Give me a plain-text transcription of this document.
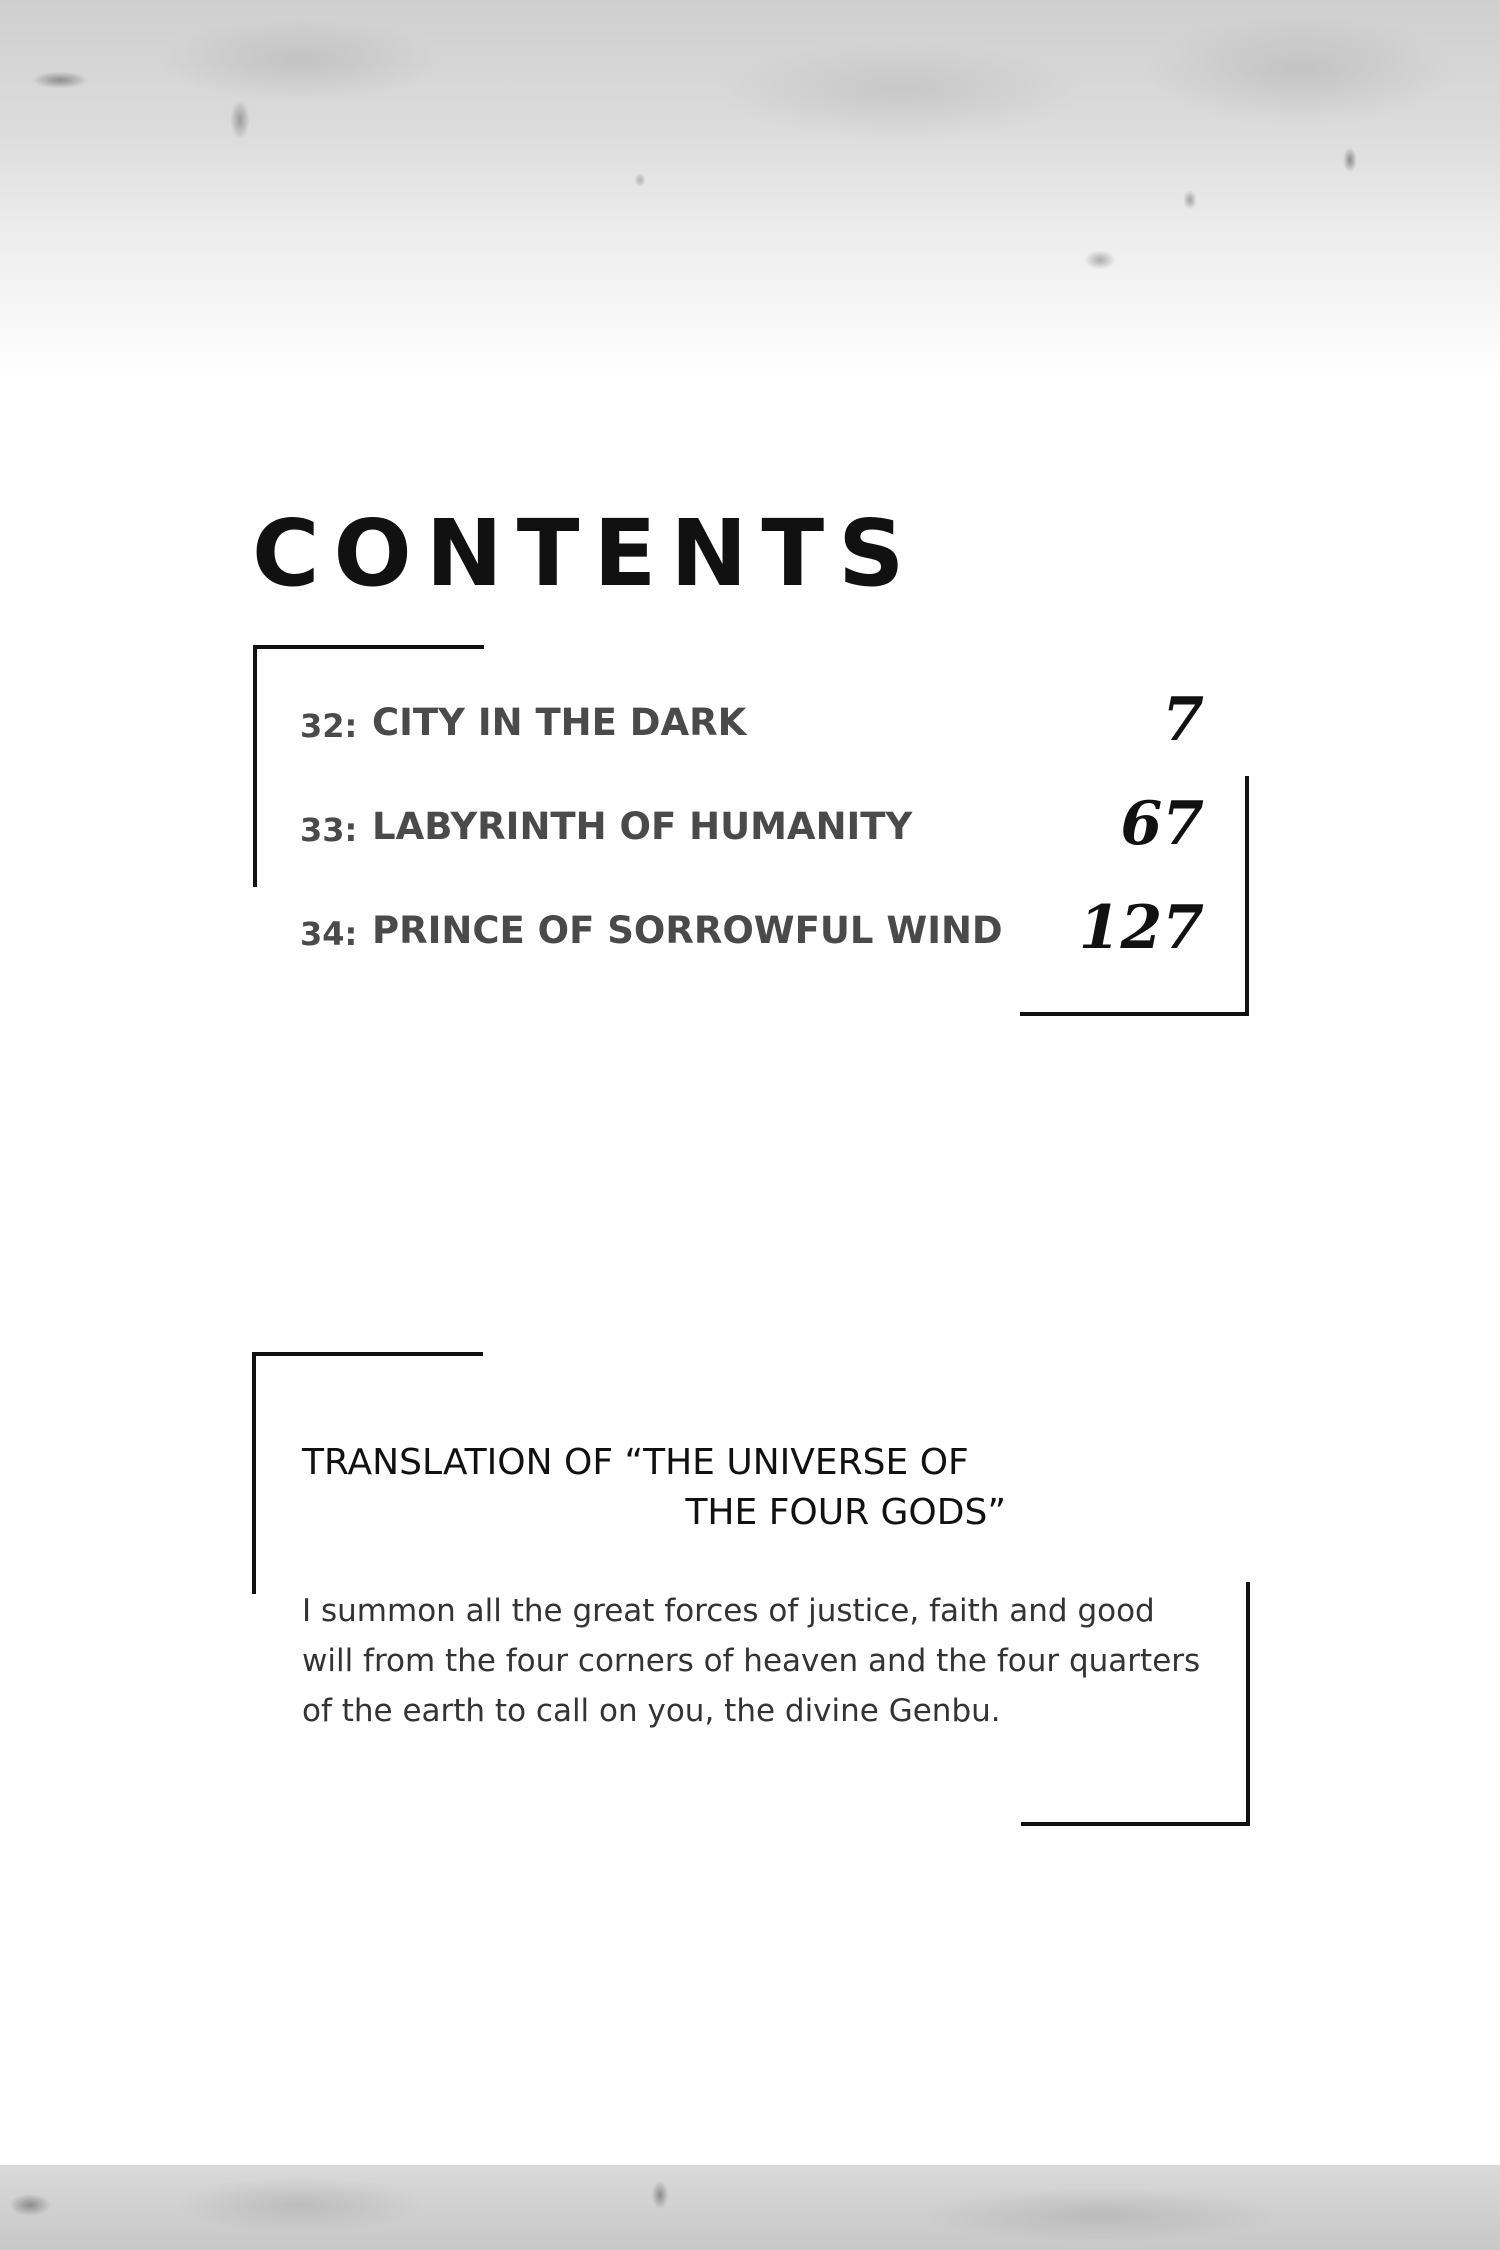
CONTENTS
32: CITY IN THE DARK	7
33: LABYRINTH OF HUMANITY	67
34: PRINCE OF SORROWFUL WIND 127
TRANSLATION OF “THE UNIVERSE OF
THE FOUR GODS”

I summon all the great forces of justice, faith and good will from the four corners of heaven and the four quarters of the earth to call on you, the divine Genbu.
